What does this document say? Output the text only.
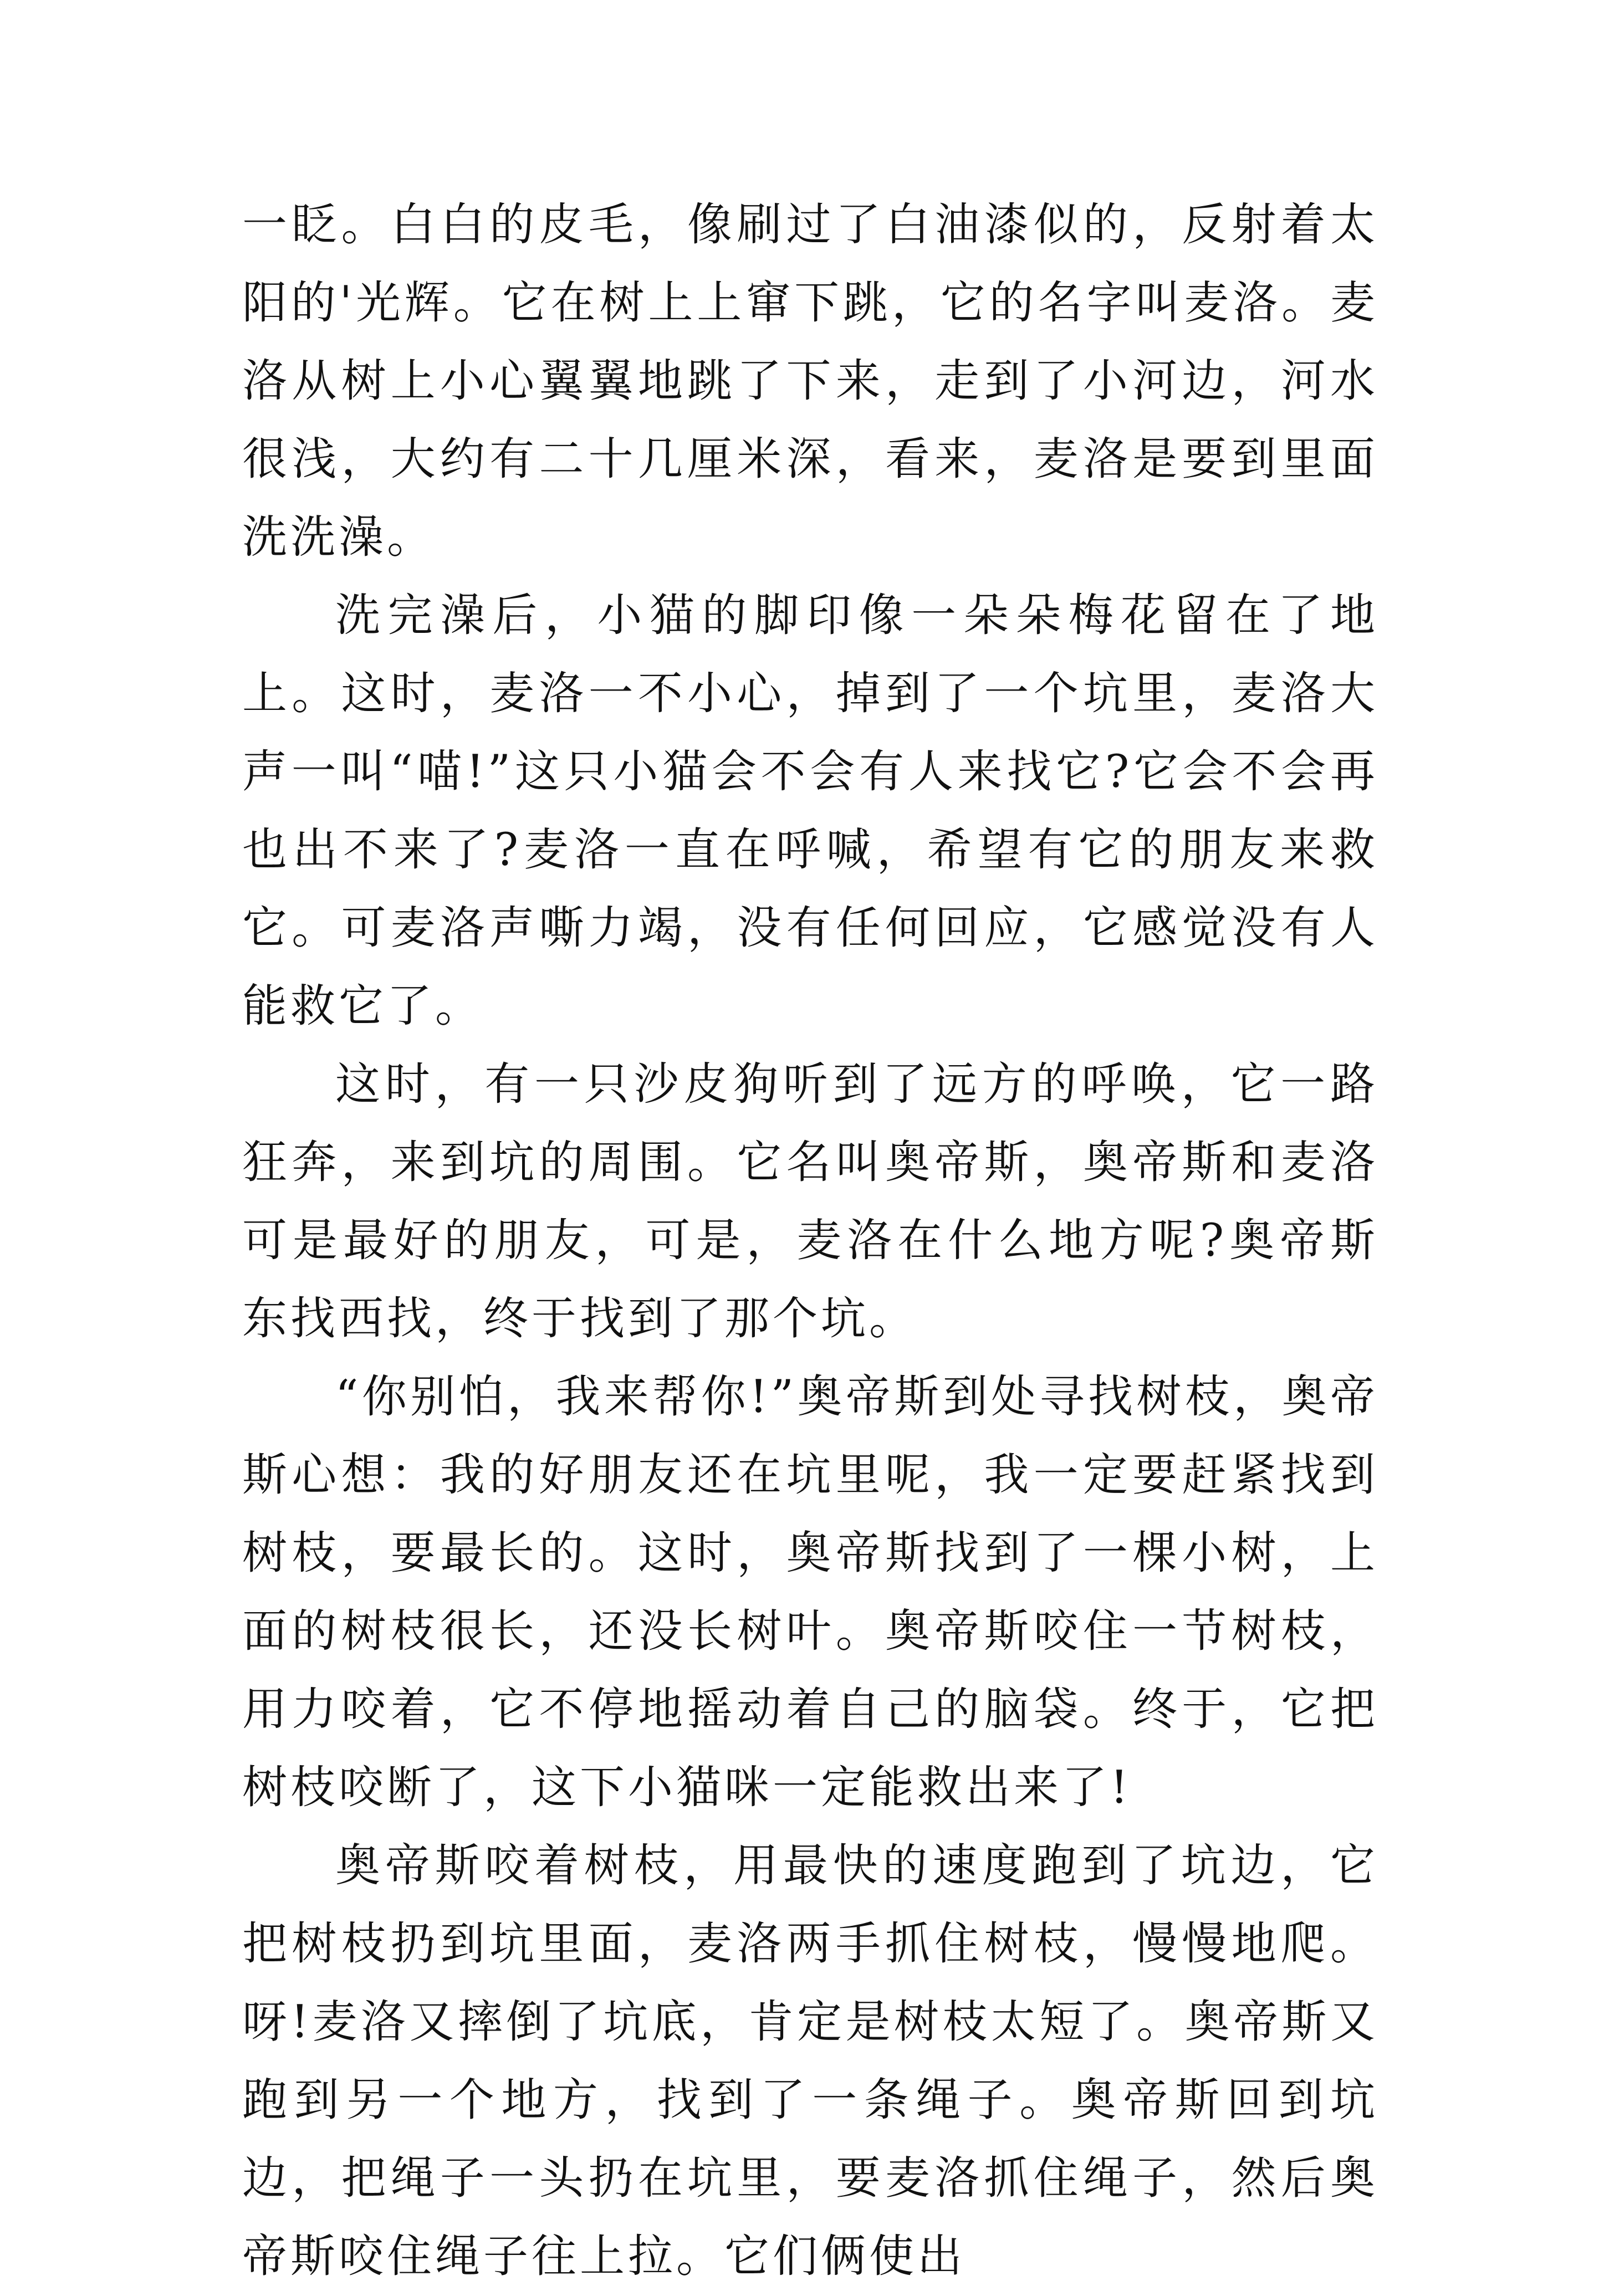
一眨。白白的皮毛，像刷过了白油漆似的，反射着太阳的'光辉。它在树上上窜下跳，它的名字叫麦洛。麦洛从树上小心翼翼地跳了下来，走到了小河边，河水很浅，大约有二十几厘米深，看来，麦洛是要到里面洗洗澡。

洗完澡后，小猫的脚印像一朵朵梅花留在了地上。这时，麦洛一不小心，掉到了一个坑里，麦洛大声一叫“喵!”这只小猫会不会有人来找它?它会不会再也出不来了?麦洛一直在呼喊，希望有它的朋友来救它。可麦洛声嘶力竭，没有任何回应，它感觉没有人能救它了。

这时，有一只沙皮狗听到了远方的呼唤，它一路狂奔，来到坑的周围。它名叫奥帝斯，奥帝斯和麦洛可是最好的朋友，可是，麦洛在什么地方呢?奥帝斯东找西找，终于找到了那个坑。

“你别怕，我来帮你!”奥帝斯到处寻找树枝，奥帝斯心想：我的好朋友还在坑里呢，我一定要赶紧找到树枝，要最长的。这时，奥帝斯找到了一棵小树，上面的树枝很长，还没长树叶。奥帝斯咬住一节树枝，用力咬着，它不停地摇动着自己的脑袋。终于，它把树枝咬断了，这下小猫咪一定能救出来了!

奥帝斯咬着树枝，用最快的速度跑到了坑边，它把树枝扔到坑里面，麦洛两手抓住树枝，慢慢地爬。呀!麦洛又摔倒了坑底，肯定是树枝太短了。奥帝斯又跑到另一个地方，找到了一条绳子。奥帝斯回到坑边，把绳子一头扔在坑里，要麦洛抓住绳子，然后奥帝斯咬住绳子往上拉。它们俩使出
